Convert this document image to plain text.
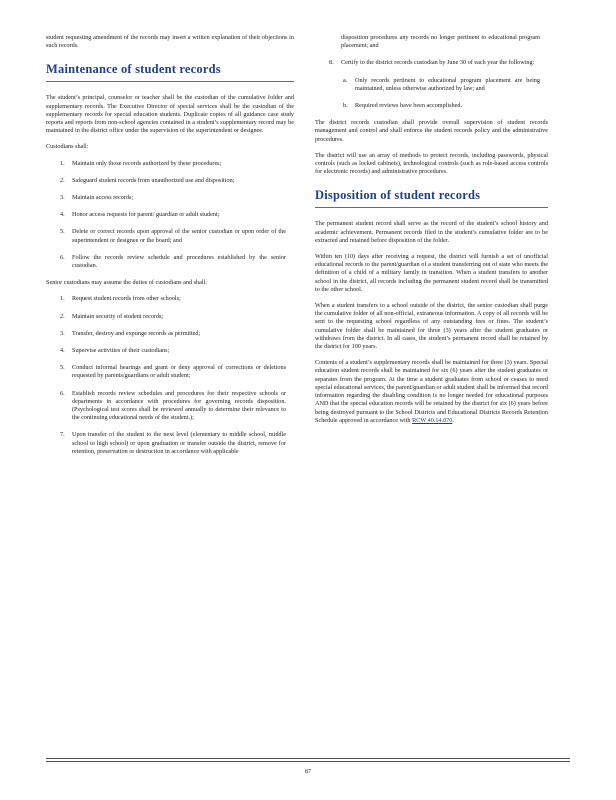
student requesting amendment of the records may insert a written explanation of their objections in such records.

Maintenance of student records

The student’s principal, counselor or teacher shall be the custodian of the cumulative folder and supplementary records. The Executive Director of special services shall be the custodian of the supplementary records for special education students. Duplicate copies of all guidance case study reports and reports from non-school agencies contained in a student’s supplementary record may be maintained in the district office under the supervision of the superintendent or designee.

Custodians shall:

1. Maintain only those records authorized by these procedures;
2. Safeguard student records from unauthorized use and disposition;
3. Maintain access records;
4. Honor access requests for parent/ guardian or adult student;
5. Delete or correct records upon approval of the senior custodian or upon order of the superintendent or designee or the board; and
6. Follow the records review schedule and procedures established by the senior custodian.

Senior custodians may assume the duties of custodians and shall:

1. Request student records from other schools;
2. Maintain security of student records;
3. Transfer, destroy and expunge records as permitted;
4. Supervise activities of their custodians;
5. Conduct informal hearings and grant or deny approval of corrections or deletions requested by parents/guardians or adult student;
6. Establish records review schedules and procedures for their respective schools or departments in accordance with procedures for governing records disposition. (Psychological test scores shall be reviewed annually to determine their relevance to the continuing educational needs of the student.);
7. Upon transfer of the student to the next level (elementary to middle school, middle school to high school) or upon graduation or transfer outside the district, remove for retention, preservation or destruction in accordance with applicable
disposition procedures any records no longer pertinent to educational program placement; and
8. Certify to the district records custodian by June 30 of each year the following:
a. Only records pertinent to educational program placement are being maintained, unless otherwise authorized by law; and
b. Required reviews have been accomplished.

The district records custodian shall provide overall supervision of student records management and control and shall enforce the student records policy and the administrative procedures.

The district will use an array of methods to protect records, including passwords, physical controls (such as locked cabinets), technological controls (such as role-based access controls for electronic records) and administrative procedures.

Disposition of student records

The permanent student record shall serve as the record of the student’s school history and academic achievement. Permanent records filed in the student’s cumulative folder are to be extracted and retained before disposition of the folder.

Within ten (10) days after receiving a request, the district will furnish a set of unofficial educational records to the parent/guardian of a student transferring out of state who meets the definition of a child of a military family in transition. When a student transfers to another school in the district, all records including the permanent student record shall be transmitted to the other school.

When a student transfers to a school outside of the district, the senior custodian shall purge the cumulative folder of all non-official, extraneous information. A copy of all records will be sent to the requesting school regardless of any outstanding fees or fines. The student’s cumulative folder shall be maintained for three (3) years after the student graduates or withdraws from the district. In all cases, the student’s permanent record shall be retained by the district for 100 years.

Contents of a student’s supplementary records shall be maintained for three (3) years. Special education student records shall be maintained for six (6) years after the student graduates or separates from the program. At the time a student graduates from school or ceases to need special educational services, the parent/guardian or adult student shall be informed that record information regarding the disabling condition is no longer needed for educational purposes AND that the special education records will be retained by the district for six (6) years before being destroyed pursuant to the School Districts and Educational Districts Records Retention Schedule approved in accordance with RCW 40.14.070.

87
